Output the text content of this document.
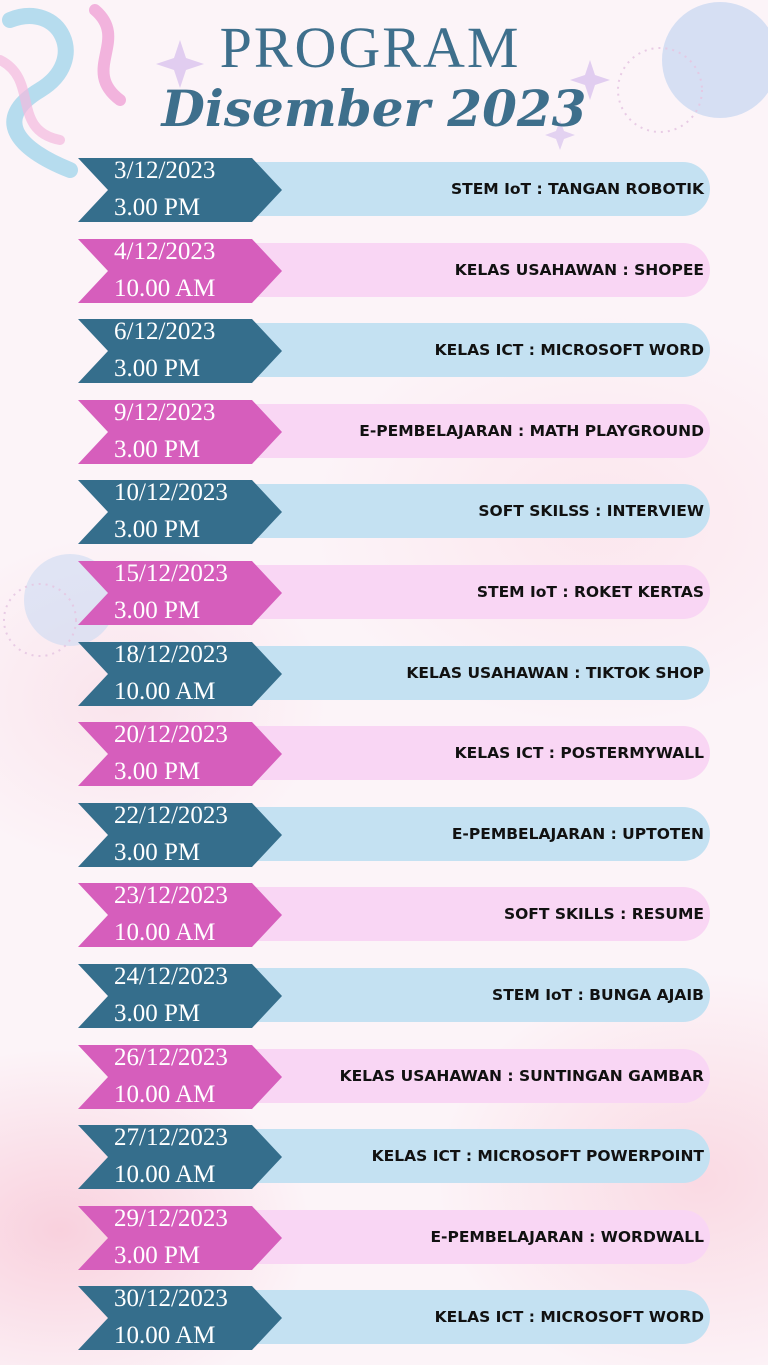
PROGRAM
Disember 2023
3/12/2023
3.00 PM
STEM IoT : TANGAN ROBOTIK
4/12/2023
10.00 AM
KELAS USAHAWAN : SHOPEE
6/12/2023
3.00 PM
KELAS ICT : MICROSOFT WORD
9/12/2023
3.00 PM
E-PEMBELAJARAN : MATH PLAYGROUND
10/12/2023
3.00 PM
SOFT SKILSS : INTERVIEW
15/12/2023
3.00 PM
STEM IoT : ROKET KERTAS
18/12/2023
10.00 AM
KELAS USAHAWAN : TIKTOK SHOP
20/12/2023
3.00 PM
KELAS ICT : POSTERMYWALL
22/12/2023
3.00 PM
E-PEMBELAJARAN : UPTOTEN
23/12/2023
10.00 AM
SOFT SKILLS : RESUME
24/12/2023
3.00 PM
STEM IoT : BUNGA AJAIB
26/12/2023
10.00 AM
KELAS USAHAWAN : SUNTINGAN GAMBAR
27/12/2023
10.00 AM
KELAS ICT : MICROSOFT POWERPOINT
29/12/2023
3.00 PM
E-PEMBELAJARAN : WORDWALL
30/12/2023
10.00 AM
KELAS ICT : MICROSOFT WORD
